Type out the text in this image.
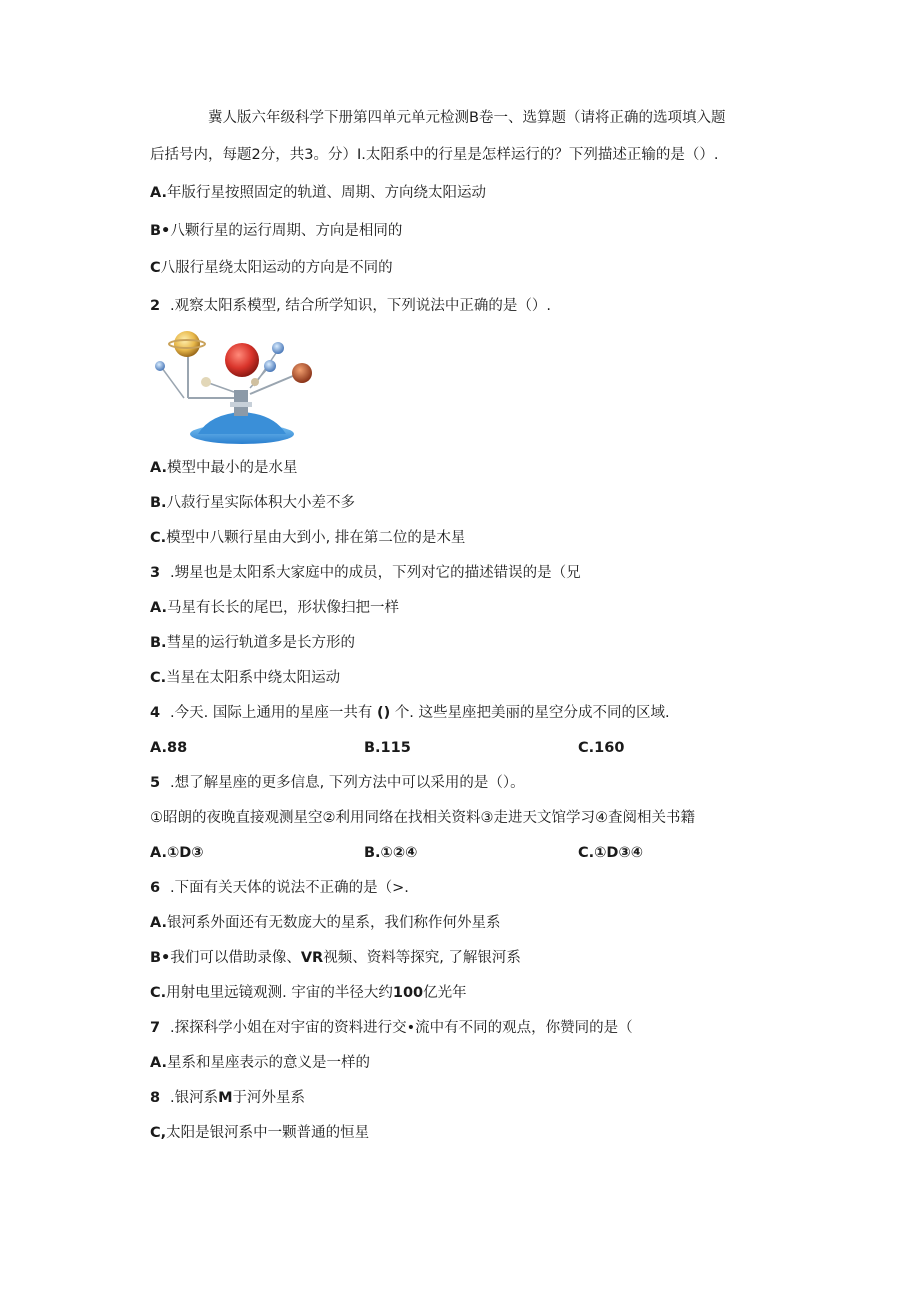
冀人版六年级科学下册第四单元单元检测B卷一、选算题（请将正确的选项填入题
后括号内，每题2分，共3。分）I.太阳系中的行星是怎样运行的？下列描述正输的是（）.
A.年版行星按照固定的轨道、周期、方向绕太阳运动
B•八颗行星的运行周期、方向是相同的
C八服行星绕太阳运动的方向是不同的
2 .观察太阳系模型, 结合所学知识，下列说法中正确的是（）.
A.模型中最小的是水星
B.八菽行星实际体积大小差不多
C.模型中八颗行星由大到小, 排在第二位的是木星
3 .甥星也是太阳系大家庭中的成员，下列对它的描述错误的是（兄
A.马星有长长的尾巴，形状像扫把一样
B.彗星的运行轨道多是长方形的
C.当星在太阳系中绕太阳运动
4 .今天. 国际上通用的星座一共有 () 个. 这些星座把美丽的星空分成不同的区域.
A.88	B.115	C.160
5 .想了解星座的更多信息, 下列方法中可以采用的是（）。
①昭朗的夜晚直接观测星空②利用同络在找相关资料③走进天文馆学习④査阅相关书籍
A.①D③	B.①②④	C.①D③④
6 .下面有关天体的说法不正确的是（>.
A.银河系外面还有无数庞大的星系，我们称作何外星系
B•我们可以借助录像、VR视频、资料等探究, 了解银河系
C.用射电里远镜观测. 宇宙的半径大约100亿光年
7 .探探科学小姐在对宇宙的资料进行交•流中有不同的观点，你赞同的是（
A.星系和星座表示的意义是一样的
8 .银河系M于河外星系
C,太阳是银河系中一颗普通的恒星
